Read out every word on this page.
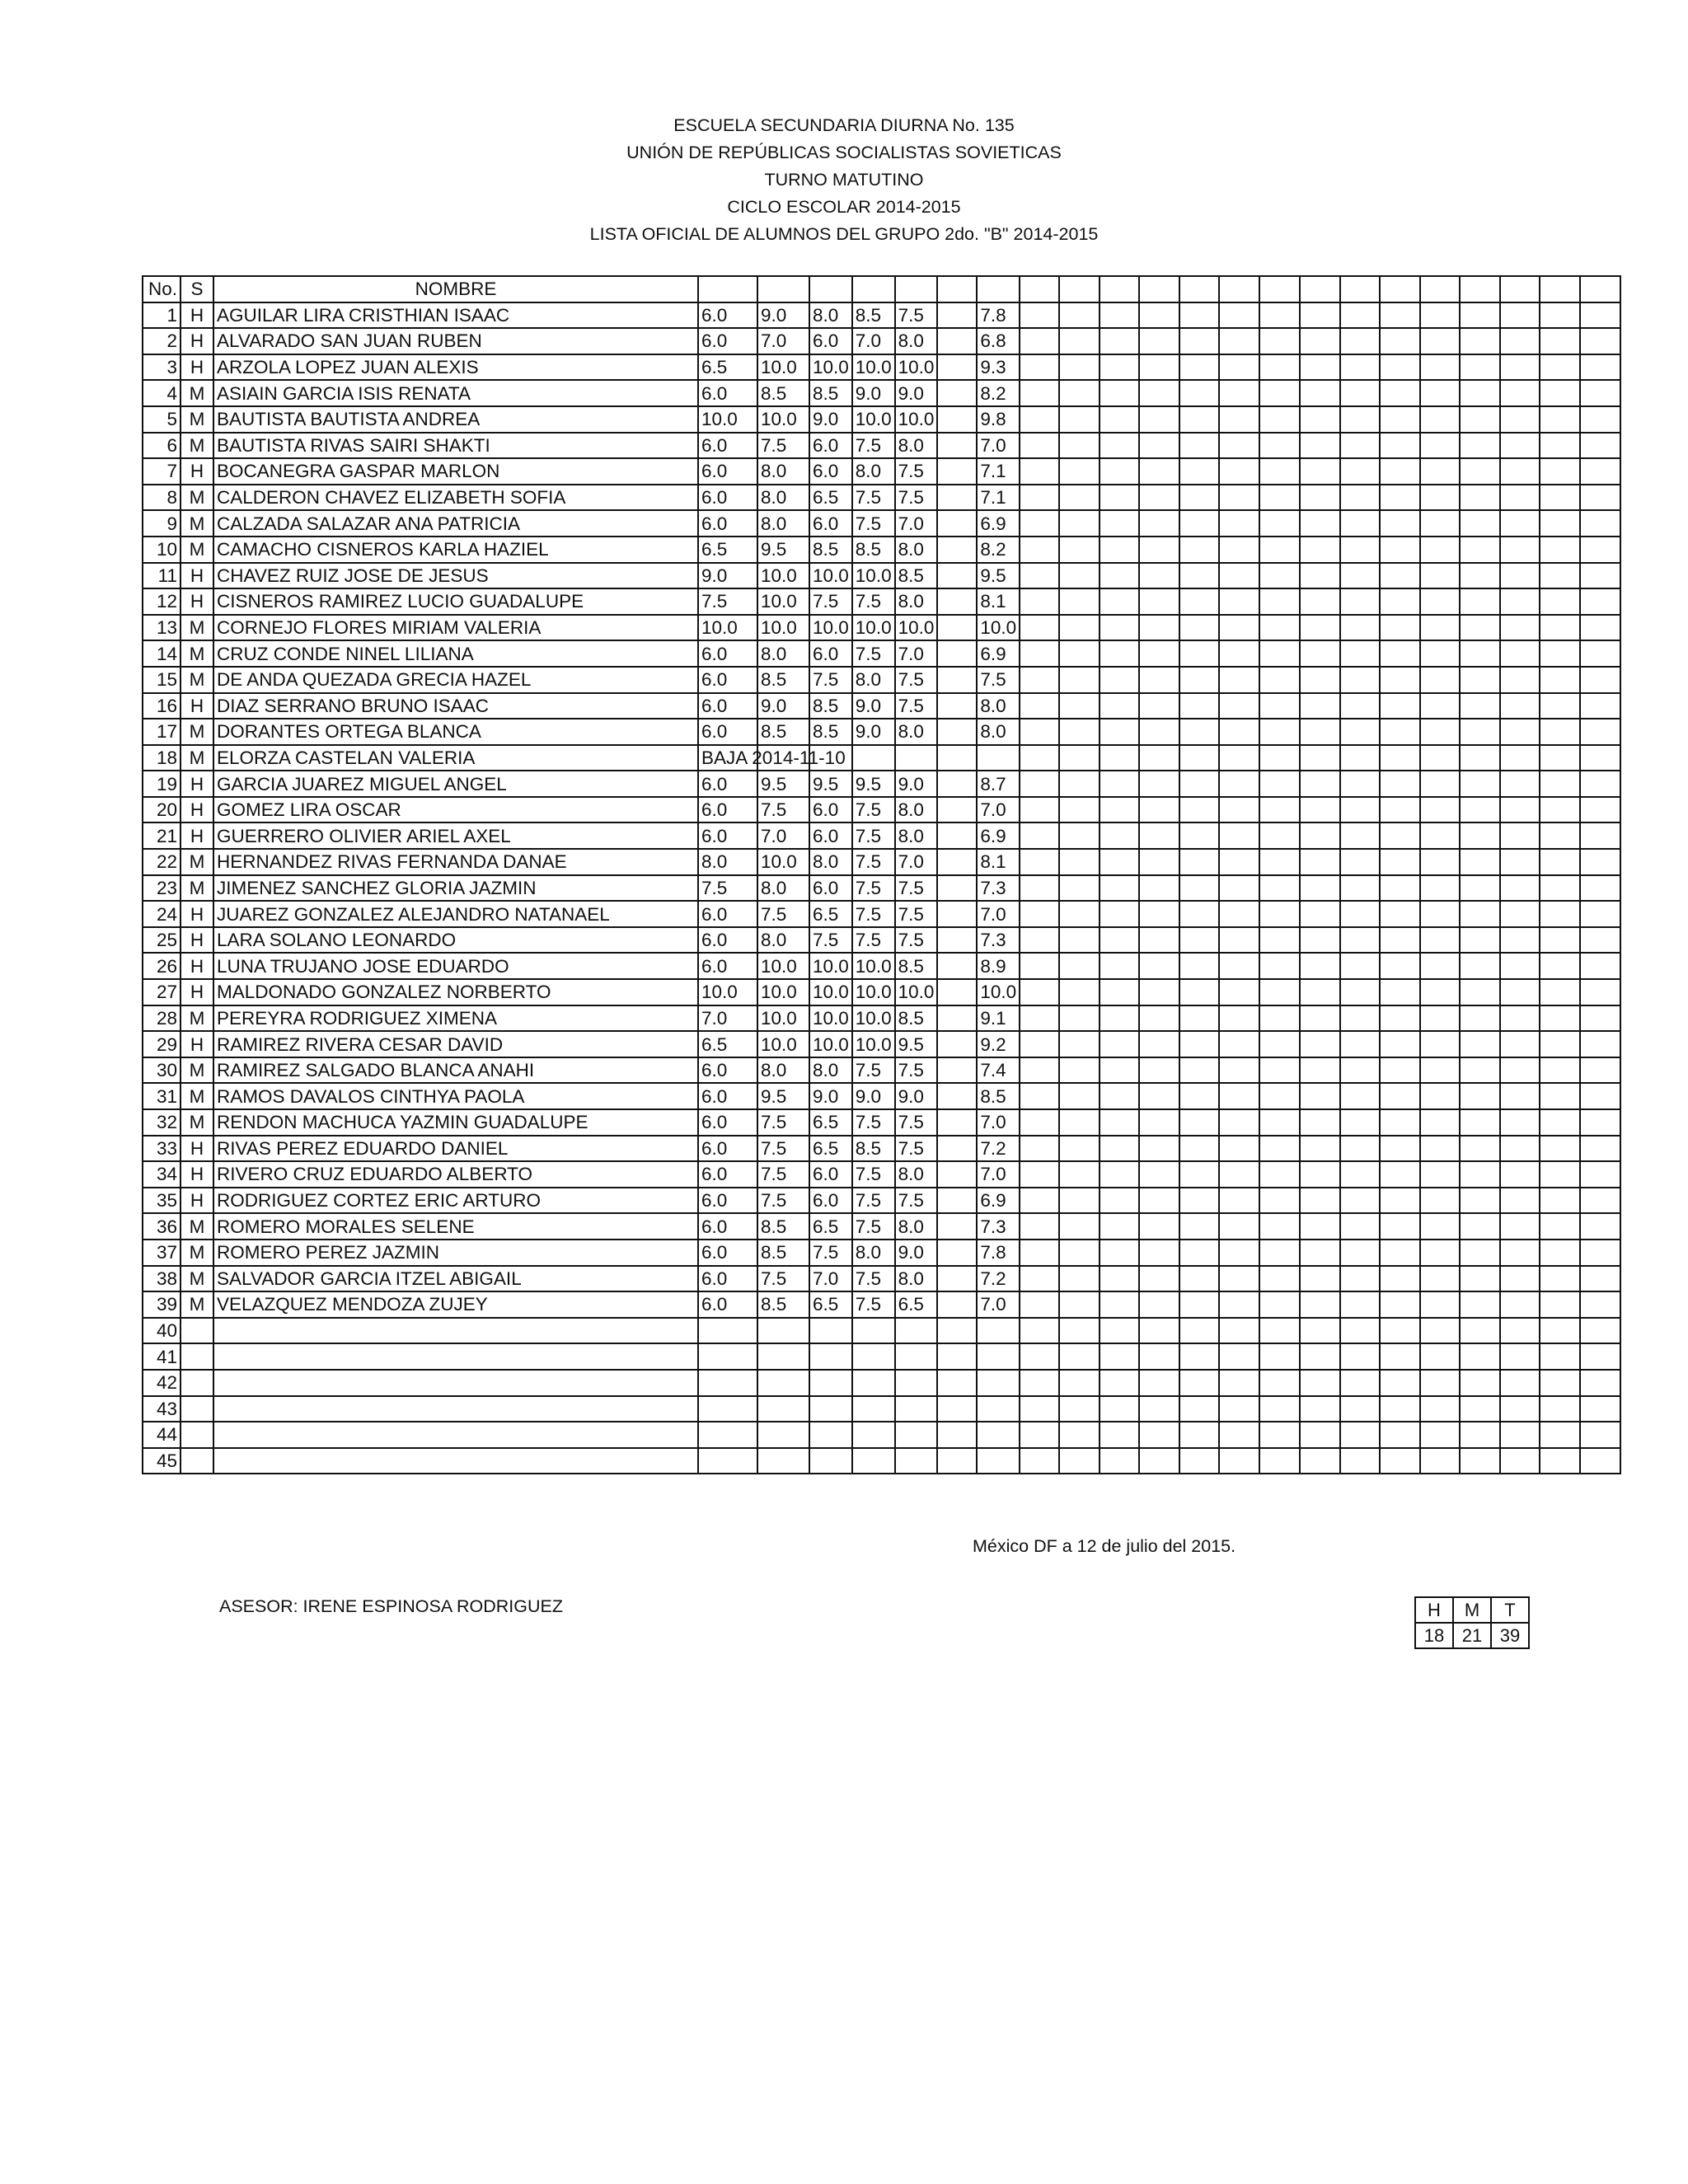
ESCUELA SECUNDARIA DIURNA No. 135
UNIÓN DE REPÚBLICAS SOCIALISTAS SOVIETICAS
TURNO MATUTINO
CICLO ESCOLAR 2014-2015
LISTA OFICIAL DE ALUMNOS DEL GRUPO 2do. "B" 2014-2015
No.	S	NOMBRE																						
1	H	AGUILAR LIRA CRISTHIAN ISAAC	6.0	9.0	8.0	8.5	7.5		7.8															
2	H	ALVARADO SAN JUAN RUBEN	6.0	7.0	6.0	7.0	8.0		6.8															
3	H	ARZOLA LOPEZ JUAN ALEXIS	6.5	10.0	10.0	10.0	10.0		9.3															
4	M	ASIAIN GARCIA ISIS RENATA	6.0	8.5	8.5	9.0	9.0		8.2															
5	M	BAUTISTA BAUTISTA ANDREA	10.0	10.0	9.0	10.0	10.0		9.8															
6	M	BAUTISTA RIVAS SAIRI SHAKTI	6.0	7.5	6.0	7.5	8.0		7.0															
7	H	BOCANEGRA GASPAR MARLON	6.0	8.0	6.0	8.0	7.5		7.1															
8	M	CALDERON CHAVEZ ELIZABETH SOFIA	6.0	8.0	6.5	7.5	7.5		7.1															
9	M	CALZADA SALAZAR ANA PATRICIA	6.0	8.0	6.0	7.5	7.0		6.9															
10	M	CAMACHO CISNEROS KARLA HAZIEL	6.5	9.5	8.5	8.5	8.0		8.2															
11	H	CHAVEZ RUIZ JOSE DE JESUS	9.0	10.0	10.0	10.0	8.5		9.5															
12	H	CISNEROS RAMIREZ LUCIO GUADALUPE	7.5	10.0	7.5	7.5	8.0		8.1															
13	M	CORNEJO FLORES MIRIAM VALERIA	10.0	10.0	10.0	10.0	10.0		10.0															
14	M	CRUZ CONDE NINEL LILIANA	6.0	8.0	6.0	7.5	7.0		6.9															
15	M	DE ANDA QUEZADA GRECIA HAZEL	6.0	8.5	7.5	8.0	7.5		7.5															
16	H	DIAZ SERRANO BRUNO ISAAC	6.0	9.0	8.5	9.0	7.5		8.0															
17	M	DORANTES ORTEGA BLANCA	6.0	8.5	8.5	9.0	8.0		8.0															
18	M	ELORZA CASTELAN VALERIA	BAJA 2014-11-10																					

19	H	GARCIA JUAREZ MIGUEL ANGEL	6.0	9.5	9.5	9.5	9.0		8.7															
20	H	GOMEZ LIRA OSCAR	6.0	7.5	6.0	7.5	8.0		7.0															
21	H	GUERRERO OLIVIER ARIEL AXEL	6.0	7.0	6.0	7.5	8.0		6.9															
22	M	HERNANDEZ RIVAS FERNANDA DANAE	8.0	10.0	8.0	7.5	7.0		8.1															
23	M	JIMENEZ SANCHEZ GLORIA JAZMIN	7.5	8.0	6.0	7.5	7.5		7.3															
24	H	JUAREZ GONZALEZ ALEJANDRO NATANAEL	6.0	7.5	6.5	7.5	7.5		7.0															
25	H	LARA SOLANO LEONARDO	6.0	8.0	7.5	7.5	7.5		7.3															
26	H	LUNA TRUJANO JOSE EDUARDO	6.0	10.0	10.0	10.0	8.5		8.9															
27	H	MALDONADO GONZALEZ NORBERTO	10.0	10.0	10.0	10.0	10.0		10.0															
28	M	PEREYRA RODRIGUEZ XIMENA	7.0	10.0	10.0	10.0	8.5		9.1															
29	H	RAMIREZ RIVERA CESAR DAVID	6.5	10.0	10.0	10.0	9.5		9.2															
30	M	RAMIREZ SALGADO BLANCA ANAHI	6.0	8.0	8.0	7.5	7.5		7.4															
31	M	RAMOS DAVALOS CINTHYA PAOLA	6.0	9.5	9.0	9.0	9.0		8.5															
32	M	RENDON MACHUCA YAZMIN GUADALUPE	6.0	7.5	6.5	7.5	7.5		7.0															
33	H	RIVAS PEREZ EDUARDO DANIEL	6.0	7.5	6.5	8.5	7.5		7.2															
34	H	RIVERO CRUZ EDUARDO ALBERTO	6.0	7.5	6.0	7.5	8.0		7.0															
35	H	RODRIGUEZ CORTEZ ERIC ARTURO	6.0	7.5	6.0	7.5	7.5		6.9															
36	M	ROMERO MORALES SELENE	6.0	8.5	6.5	7.5	8.0		7.3															
37	M	ROMERO PEREZ JAZMIN	6.0	8.5	7.5	8.0	9.0		7.8															
38	M	SALVADOR GARCIA ITZEL ABIGAIL	6.0	7.5	7.0	7.5	8.0		7.2															
39	M	VELAZQUEZ MENDOZA ZUJEY	6.0	8.5	6.5	7.5	6.5		7.0															
40																								
41																								
42																								
43																								
44																								
45																								
México DF a 12 de julio del 2015.
ASESOR: IRENE ESPINOSA RODRIGUEZ	H	M	T
18	21	39
